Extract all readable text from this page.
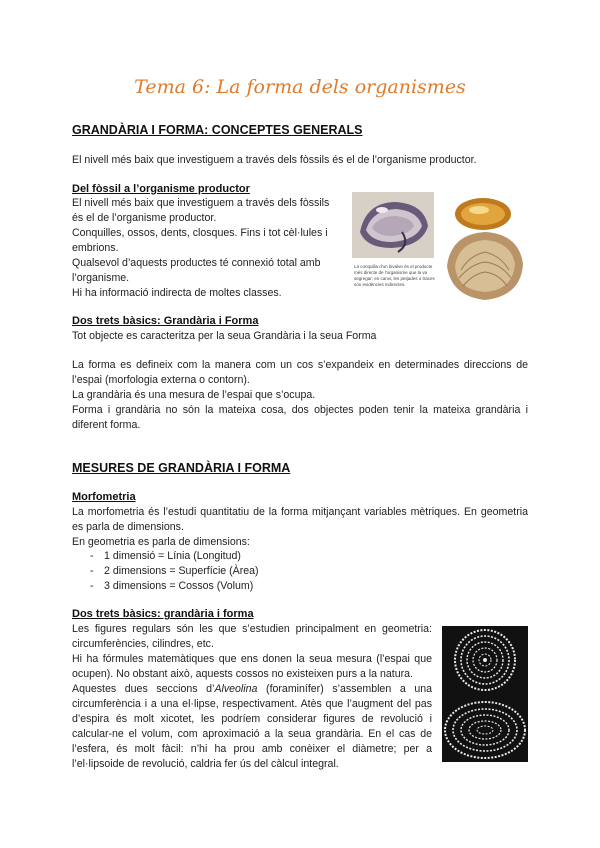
Tema 6: La forma dels organismes
GRANDÀRIA I FORMA: CONCEPTES GENERALS
El nivell més baix que investiguem a través dels fòssils és el de l’organisme productor.
Del fòssil a l’organisme productor
El nivell més baix que investiguem a través dels fòssils
és el de l’organisme productor.
Conquilles, ossos, dents, closques. Fins i tot cèl·lules i
embrions.
Qualsevol d’aquests productes té connexió total amb
l’organisme.
Hi ha informació indirecta de moltes classes.
La conquilla d'un bivalve és el producte més directe de l'organisme que la va segregar; en canvi, les petjades o traces són evidències indirectes.
Dos trets bàsics: Grandària i Forma
Tot objecte es caracteritza per la seua Grandària i la seua Forma
La forma es defineix com la manera com un cos s’expandeix en determinades direccions de l’espai (morfologia externa o contorn).
La grandària és una mesura de l’espai que s’ocupa.
Forma i grandària no són la mateixa cosa, dos objectes poden tenir la mateixa grandària i diferent forma.
MESURES DE GRANDÀRIA I FORMA
Morfometria
La morfometria és l’estudi quantitatiu de la forma mitjançant variables mètriques. En geometria es parla de dimensions.
En geometria es parla de dimensions:
- 1 dimensió = Línia (Longitud)
- 2 dimensions = Superfície (Àrea)
- 3 dimensions = Cossos (Volum)
Dos trets bàsics: grandària i forma
Les figures regulars són les que s’estudien principalment en geometria: circumferències, cilindres, etc.
Hi ha fórmules matemàtiques que ens donen la seua mesura (l’espai que ocupen). No obstant això, aquests cossos no existeixen purs a la natura.
Aquestes dues seccions d’Alveolina (foraminífer) s’assemblen a una circumferència i a una el·lipse, respectivament. Atès que l’augment del pas d’espira és molt xicotet, les podríem considerar figures de revolució i calcular-ne el volum, com aproximació a la seua grandària. En el cas de l’esfera, és molt fàcil: n’hi ha prou amb conèixer el diàmetre; per a l’el·lipsoide de revolució, caldria fer ús del càlcul integral.
